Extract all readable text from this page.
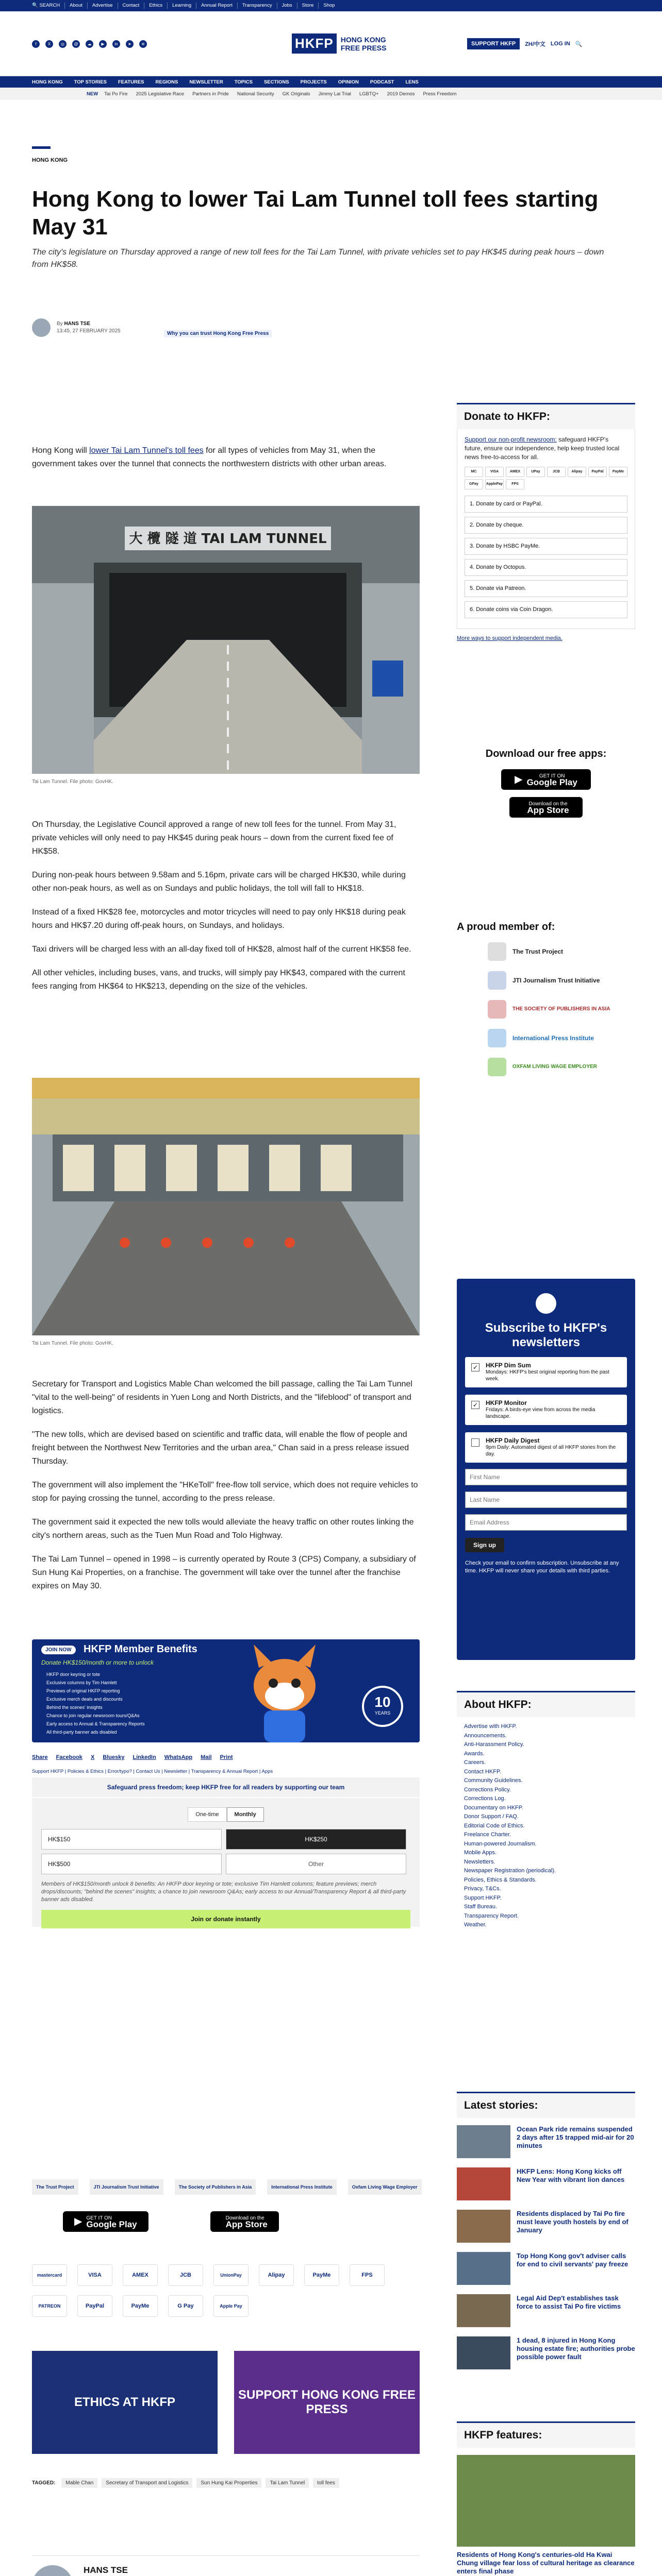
🔍 SEARCH	About	Advertise	Contact	Ethics	Learning	Annual Report	Transparency	Jobs	Store	Shop
f	X	◎	@	☁	▶	in	➤	≋	HKFP	HONG KONG
FREE PRESS	SUPPORT HKFP	ZH/中文 LOG IN 🔍
HONG KONG	TOP STORIES	FEATURES	REGIONS	NEWSLETTER	TOPICS	SECTIONS	PROJECTS	OPINION	PODCAST	LENS
NEW	Tai Po Fire	2025 Legislative Race	Partners in Pride	National Security	GK Originals	Jimmy Lai Trial	LGBTQ+	2019 Demos	Press Freedom
HONG KONG
Hong Kong to lower Tai Lam Tunnel toll fees starting May 31
The city's legislature on Thursday approved a range of new toll fees for the Tai Lam Tunnel, with private vehicles set to pay HK$45 during peak hours – down from HK$58.
By HANS TSE
13:45, 27 FEBRUARY 2025	Why you can trust Hong Kong Free Press

Hong Kong will lower Tai Lam Tunnel's toll fees for all types of vehicles from May 31, when the government takes over the tunnel that connects the northwestern districts with other urban areas.

大 欖 隧 道 TAI LAM TUNNEL
Tai Lam Tunnel. File photo: GovHK.

On Thursday, the Legislative Council approved a range of new toll fees for the tunnel. From May 31, private vehicles will only need to pay HK$45 during peak hours – down from the current fixed fee of HK$58.

During non-peak hours between 9.58am and 5.16pm, private cars will be charged HK$30, while during other non-peak hours, as well as on Sundays and public holidays, the toll will fall to HK$18.

Instead of a fixed HK$28 fee, motorcycles and motor tricycles will need to pay only HK$18 during peak hours and HK$7.20 during off-peak hours, on Sundays, and holidays.

Taxi drivers will be charged less with an all-day fixed toll of HK$28, almost half of the current HK$58 fee.

All other vehicles, including buses, vans, and trucks, will simply pay HK$43, compared with the current fees ranging from HK$64 to HK$213, depending on the size of the vehicles.

Tai Lam Tunnel. File photo: GovHK.

Secretary for Transport and Logistics Mable Chan welcomed the bill passage, calling the Tai Lam Tunnel "vital to the well-being" of residents in Yuen Long and North Districts, and the "lifeblood" of transport and logistics.

"The new tolls, which are devised based on scientific and traffic data, will enable the flow of people and freight between the Northwest New Territories and the urban area," Chan said in a press release issued Thursday.

The government will also implement the "HKeToll" free-flow toll service, which does not require vehicles to stop for paying crossing the tunnel, according to the press release.

The government said it expected the new tolls would alleviate the heavy traffic on other routes linking the city's northern areas, such as the Tuen Mun Road and Tolo Highway.

The Tai Lam Tunnel – opened in 1998 – is currently operated by Route 3 (CPS) Company, a subsidiary of Sun Hung Kai Properties, on a franchise. The government will take over the tunnel after the franchise expires on May 30.

JOIN NOW	HKFP Member Benefits
Donate HK$150/month or more to unlock
HKFP door keyring or tote
Exclusive columns by Tim Hamlett
Previews of original HKFP reporting
Exclusive merch deals and discounts
Behind the scenes' insights
Chance to join regular newsroom tours/Q&As
Early access to Annual & Transparency Reports
All third-party banner ads disabled
10
YEARS
Share Facebook X Bluesky LinkedIn WhatsApp Mail Print
Support HKFP | Policies & Ethics | Error/typo? | Contact Us | Newsletter | Transparency & Annual Report | Apps
Safeguard press freedom; keep HKFP free for all readers by supporting our team
One-time	Monthly
HK$150	HK$250
HK$500	Other
Members of HK$150/month unlock 8 benefits: An HKFP door keyring or tote; exclusive Tim Hamlett columns; feature previews; merch drops/discounts; "behind the scenes" insights; a chance to join newsroom Q&As; early access to our Annual/Transparency Report & all third-party banner ads disabled.
Join or donate instantly
The Trust Project	JTI Journalism Trust Initiative	The Society of Publishers in Asia	International Press Institute	Oxfam Living Wage Employer
▶ GET IT ON
Google Play
Download on the
App Store
mastercard	VISA	AMEX	JCB	UnionPay	Alipay	PayMe	FPS
PATREON	PayPal	PayMe	G Pay	Apple Pay
ETHICS AT HKFP
SUPPORT HONG KONG FREE PRESS
TAGGED:	Mable Chan	Secretary of Transport and Logistics	Sun Hung Kai Properties	Tai Lam Tunnel	toll fees
HANS TSE

Donate to HKFP:
Support our non-profit newsroom: safeguard HKFP's future, ensure our independence, help keep trusted local news free-to-access for all.
MC	VISA	AMEX	UPay	JCB	Alipay	PayPal	PayMe
GPay	ApplePay	FPS
1. Donate by card or PayPal.
2. Donate by cheque.
3. Donate by HSBC PayMe.
4. Donate by Octopus.
5. Donate via Patreon.
6. Donate coins via Coin Dragon.
More ways to support independent media.
Download our free apps:
▶	GET IT ON
Google Play
Download on the
App Store
A proud member of:
The Trust Project
JTI Journalism Trust Initiative
THE SOCIETY OF PUBLISHERS IN ASIA
International Press Institute
OXFAM LIVING WAGE EMPLOYER
Subscribe to HKFP's newsletters
✓ HKFP Dim Sum
Mondays: HKFP's best original reporting from the past week.
✓ HKFP Monitor
Fridays: A birds-eye view from across the media landscape.
HKFP Daily Digest
9pm Daily: Automated digest of all HKFP stories from the day.
First Name
Last Name
Email Address
Sign up
Check your email to confirm subscription. Unsubscribe at any time. HKFP will never share your details with third parties.
About HKFP:
Advertise with HKFP.
Announcements.
Anti-Harassment Policy.
Awards.
Careers.
Contact HKFP.
Community Guidelines.
Corrections Policy.
Corrections Log.
Documentary on HKFP.
Donor Support / FAQ.
Editorial Code of Ethics.
Freelance Charter.
Human-powered Journalism.
Mobile Apps.
Newsletters.
Newspaper Registration (periodical).
Policies, Ethics & Standards.
Privacy, T&Cs.
Support HKFP.
Staff Bureau.
Transparency Report.
Weather.
Latest stories:
Ocean Park ride remains suspended 2 days after 15 trapped mid-air for 20 minutes
HKFP Lens: Hong Kong kicks off New Year with vibrant lion dances
Residents displaced by Tai Po fire must leave youth hostels by end of January
Top Hong Kong gov't adviser calls for end to civil servants' pay freeze
Legal Aid Dep't establishes task force to assist Tai Po fire victims
1 dead, 8 injured in Hong Kong housing estate fire; authorities probe possible power fault
HKFP features:
Residents of Hong Kong's centuries-old Ha Kwai Chung village fear loss of cultural heritage as clearance enters final phase
